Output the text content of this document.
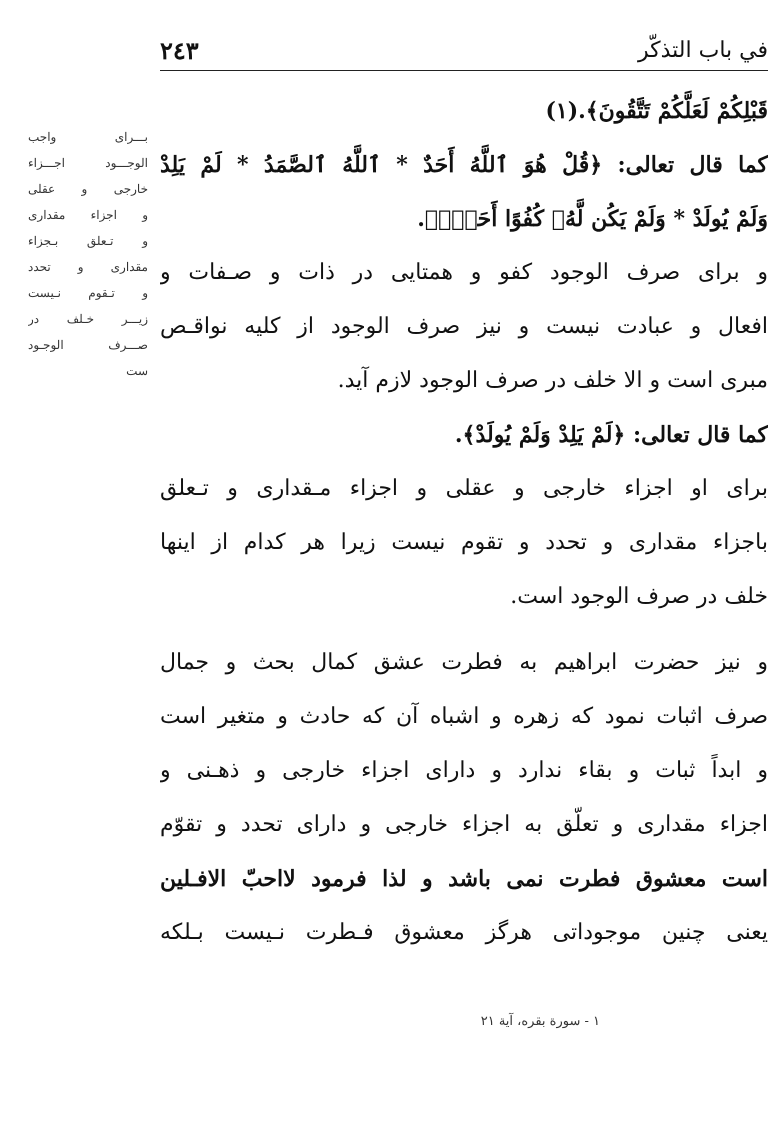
في باب التذكّر
٢٤٣
قَبْلِكُمْ لَعَلَّكُمْ تَتَّقُونَ﴾.(١)
كما قال تعالى: ﴿قُلْ هُوَ ٱللَّهُ أَحَدٌ * ٱللَّهُ ٱلصَّمَدُ * لَمْ يَلِدْ
وَلَمْ يُولَدْ * وَلَمْ يَكُن لَّهُۥ كُفُوًا أَحَدٌۢ﴾.
و براى صرف الوجود كفو و همتايى در ذات و صـفات و
افعال و عبادت نيست و نيز صرف الوجود از كليه نواقـص
مبرى است و الا خلف در صرف الوجود لازم آيد.
كما قال تعالى: ﴿لَمْ يَلِدْ وَلَمْ يُولَدْ﴾.
براى او اجزاء خارجى و عقلى و اجزاء مـقدارى و تـعلق
باجزاء مقدارى و تحدد و تقوم نيست زيرا هر كدام از اينها
خلف در صرف الوجود است.
و نيز حضرت ابراهيم به فطرت عشق كمال بحث و جمال
صرف اثبات نمود كه زهره و اشباه آن كه حادث و متغير است
و ابداً ثبات و بقاء ندارد و داراى اجزاء خارجى و ذهـنى و
اجزاء مقدارى و تعلّق به اجزاء خارجى و داراى تحدد و تقوّم
است معشوق فطرت نمى باشد و لذا فرمود لااحبّ الافـلين
يعنى چنين موجوداتى هرگز معشوق فـطرت نـيست بـلكه
بـــراى واجب
الوجـــود اجـــزاء
خارجى و عقلى
و اجزاء مقدارى
و تـعلق بـجزاء
مقدارى و تحدد
و تـقوم نـيست
زيـــر خـلف در
صـــرف الوجـود
ست
١ - سورة بقره، آية ٢١
